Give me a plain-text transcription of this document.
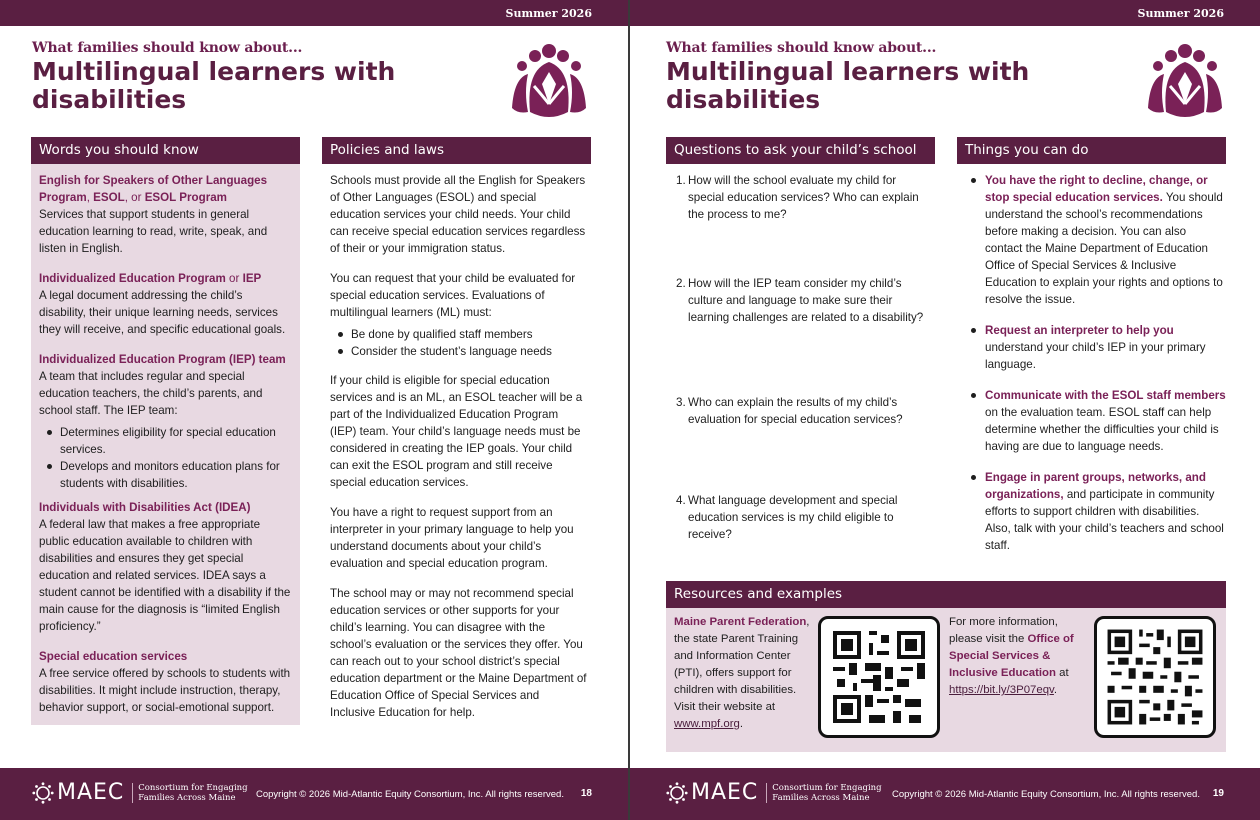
Summer 2026
What families should know about...
Multilingual learners with disabilities
Words you should know

English for Speakers of Other Languages Program, ESOL, or ESOL Program

Services that support students in general education learning to read, write, speak, and listen in English.

Individualized Education Program or IEP

A legal document addressing the child’s disability, their unique learning needs, services they will receive, and specific educational goals.

Individualized Education Program (IEP) team

A team that includes regular and special education teachers, the child’s parents, and school staff. The IEP team:

Determines eligibility for special education services.
Develops and monitors education plans for students with disabilities.

Individuals with Disabilities Act (IDEA)

A federal law that makes a free appropriate public education available to children with disabilities and ensures they get special education and related services. IDEA says a student cannot be identified with a disability if the main cause for the diagnosis is “limited English proficiency.”

Special education services

A free service offered by schools to students with disabilities. It might include instruction, therapy, behavior support, or social-emotional support.

Policies and laws

Schools must provide all the English for Speakers of Other Languages (ESOL) and special education services your child needs. Your child can receive special education services regardless of their or your immigration status.

You can request that your child be evaluated for special education services. Evaluations of multilingual learners (ML) must:

Be done by qualified staff members
Consider the student’s language needs

If your child is eligible for special education services and is an ML, an ESOL teacher will be a part of the Individualized Education Program (IEP) team. Your child’s language needs must be considered in creating the IEP goals. Your child can exit the ESOL program and still receive special education services.

You have a right to request support from an interpreter in your primary language to help you understand documents about your child’s evaluation and special education program.

The school may or may not recommend special education services or other supports for your child’s learning. You can disagree with the school’s evaluation or the services they offer. You can reach out to your school district’s special education department or the Maine Department of Education Office of Special Services and Inclusive Education for help.

MAEC	Consortium for Engaging
Families Across Maine	Copyright © 2026 Mid-Atlantic Equity Consortium, Inc. All rights reserved. 18
Summer 2026
What families should know about...
Multilingual learners with disabilities
Questions to ask your child’s school
1. How will the school evaluate my child for special education services? Who can explain the process to me?
2. How will the IEP team consider my child’s culture and language to make sure their learning challenges are related to a disability?
3. Who can explain the results of my child’s evaluation for special education services?
4. What language development and special education services is my child eligible to receive?
Things you can do
You have the right to decline, change, or stop special education services. You should understand the school’s recommendations before making a decision. You can also contact the Maine Department of Education Office of Special Services & Inclusive Education to explain your rights and options to resolve the issue.
Request an interpreter to help you understand your child’s IEP in your primary language.
Communicate with the ESOL staff members on the evaluation team. ESOL staff can help determine whether the difficulties your child is having are due to language needs.
Engage in parent groups, networks, and organizations, and participate in community efforts to support children with disabilities. Also, talk with your child’s teachers and school staff.
Resources and examples

Maine Parent Federation, the state Parent Training and Information Center (PTI), offers support for children with disabilities. Visit their website at www.mpf.org.

For more information, please visit the Office of Special Services & Inclusive Education at https://bit.ly/3P07eqv.

MAEC	Consortium for Engaging
Families Across Maine	Copyright © 2026 Mid-Atlantic Equity Consortium, Inc. All rights reserved. 19
